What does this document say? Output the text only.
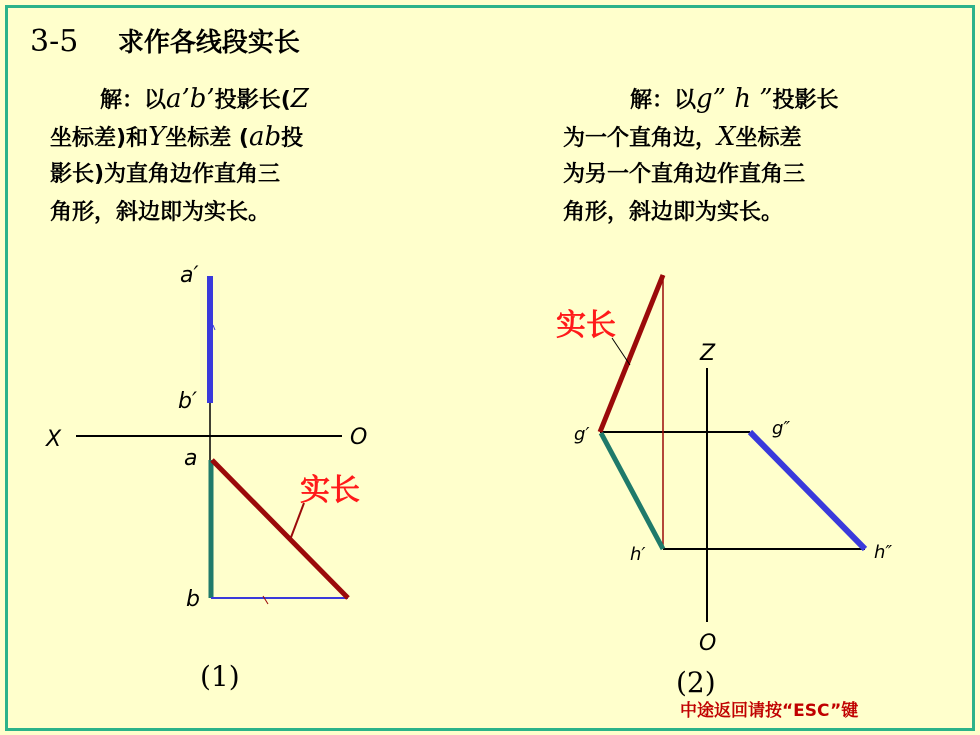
3-5 求作各线段实长
解：以a’b’投影长(Z
坐标差)和Y坐标差 (ab投
影长)为直角边作直角三
角形，斜边即为实长。
解：以g” h ”投影长
为一个直角边，X坐标差
为另一个直角边作直角三
角形，斜边即为实长。
a′
b′
X	O
a
b
实长
实长
Z
g′	g″
h′	h″
O
(1)	(2)
中途返回请按“ESC”键
